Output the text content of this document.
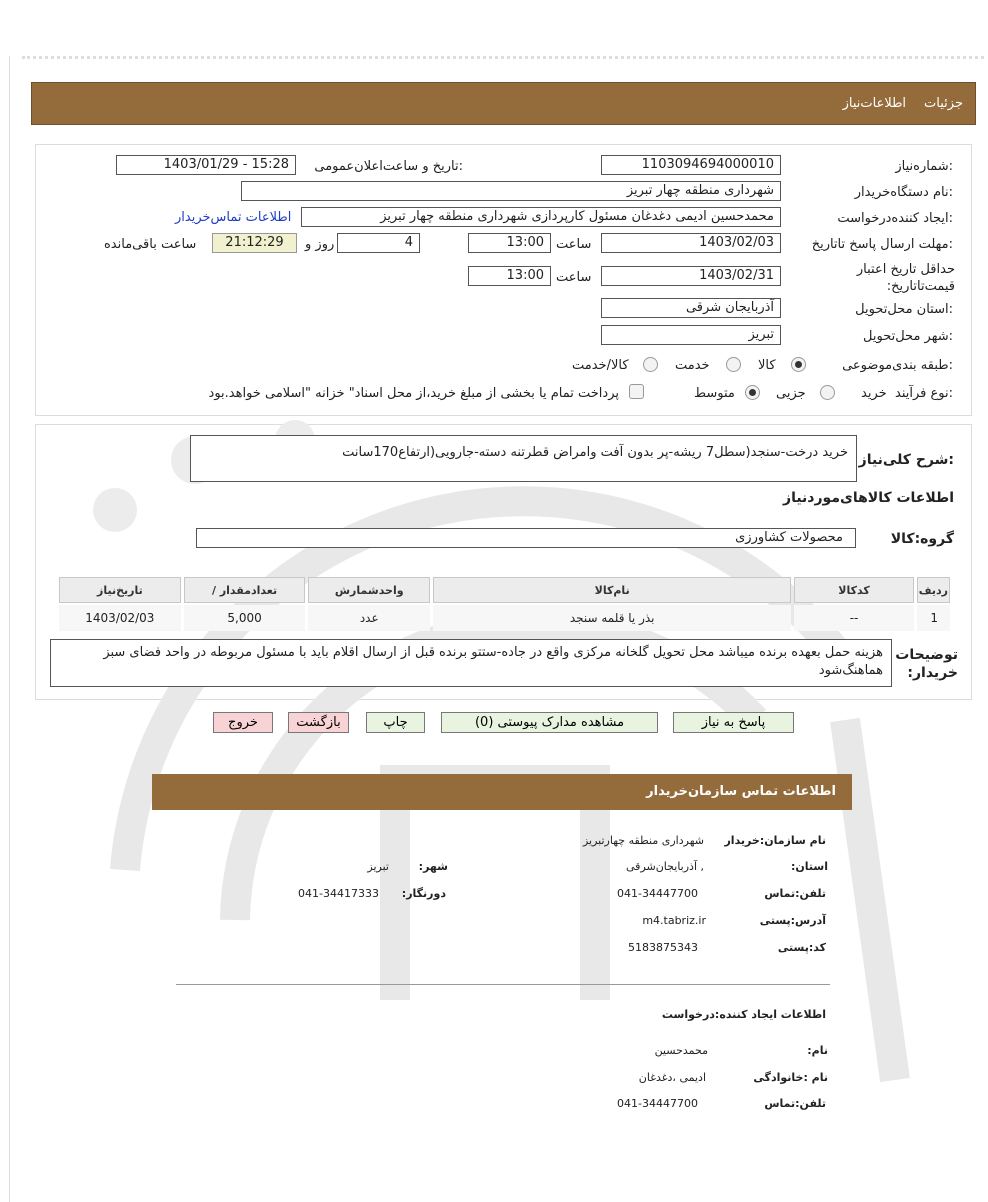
جزئیات
اطلاعات‌نیاز
شماره‌نیاز:
1103094694000010
تاریخ و ساعت‌اعلان‌عمومی:
1403/01/29 - 15:28
نام دستگاه‌خریدار:
شهرداری منطقه چهار تبریز
ایجاد کننده‌درخواست:
محمدحسین ادیمی دغدغان مسئول کارپردازی شهرداری منطقه چهار تبریز
اطلاعات تماس‌خریدار
مهلت ارسال پاسخ تا‌تاریخ:
1403/02/03
ساعت
13:00
4
روز و
21:12:29
ساعت باقی‌مانده
حداقل تاریخ اعتبار قیمت‌تا‌تاریخ:
1403/02/31
ساعت
13:00
استان محل‌تحویل:
آذربایجان شرقی
شهر محل‌تحویل:
تبریز
طبقه بندی‌موضوعی:
کالا
خدمت
کالا/خدمت
نوع فرآیند:
خرید
جزیی
متوسط
پرداخت تمام یا بخشی از مبلغ خرید،از محل اسناد" خزانه "اسلامی خواهد.بود
شرح کلی‌نیاز:
خرید درخت-سنجد(سطل7 ریشه-پر بدون آفت وامراض قطرتنه دسته-جارویی(ارتفاع170سانت
اطلاعات کالاهای‌مورد‌نیاز
گروه:کالا
محصولات کشاورزی
ردیف	کدکالا	نام‌کالا	واحد‌شمارش	تعداد‌مقدار /	تاریخ‌نیاز
1	--	بذر یا قلمه سنجد	عدد	5,000	1403/02/03
توضیحات خریدار:
هزینه حمل بعهده برنده میباشد محل تحویل گلخانه مرکزی واقع در جاده-ستتو برنده قبل از ارسال اقلام باید با مسئول مربوطه در واحد فضای سبز هماهنگ‌شود
پاسخ به نیاز
مشاهده مدارک پیوستی (0)
چاپ
بازگشت
خروج
اطلاعات تماس سازمان‌خریدار
نام سازمان:خریدار
شهرداری منطقه چهارتبریز
:استان
آذربایجان‌شرقی ,
:شهر
تبریز
تلفن:تماس
041-34447700
:دورنگار
041-34417333
آدرس:پستی
m4.tabriz.ir
کد:پستی
5183875343
اطلاعات ایجاد کننده:درخواست
:نام
محمدحسین
نام :خانوادگی
ادیمی ،دغدغان
تلفن:تماس
041-34447700
